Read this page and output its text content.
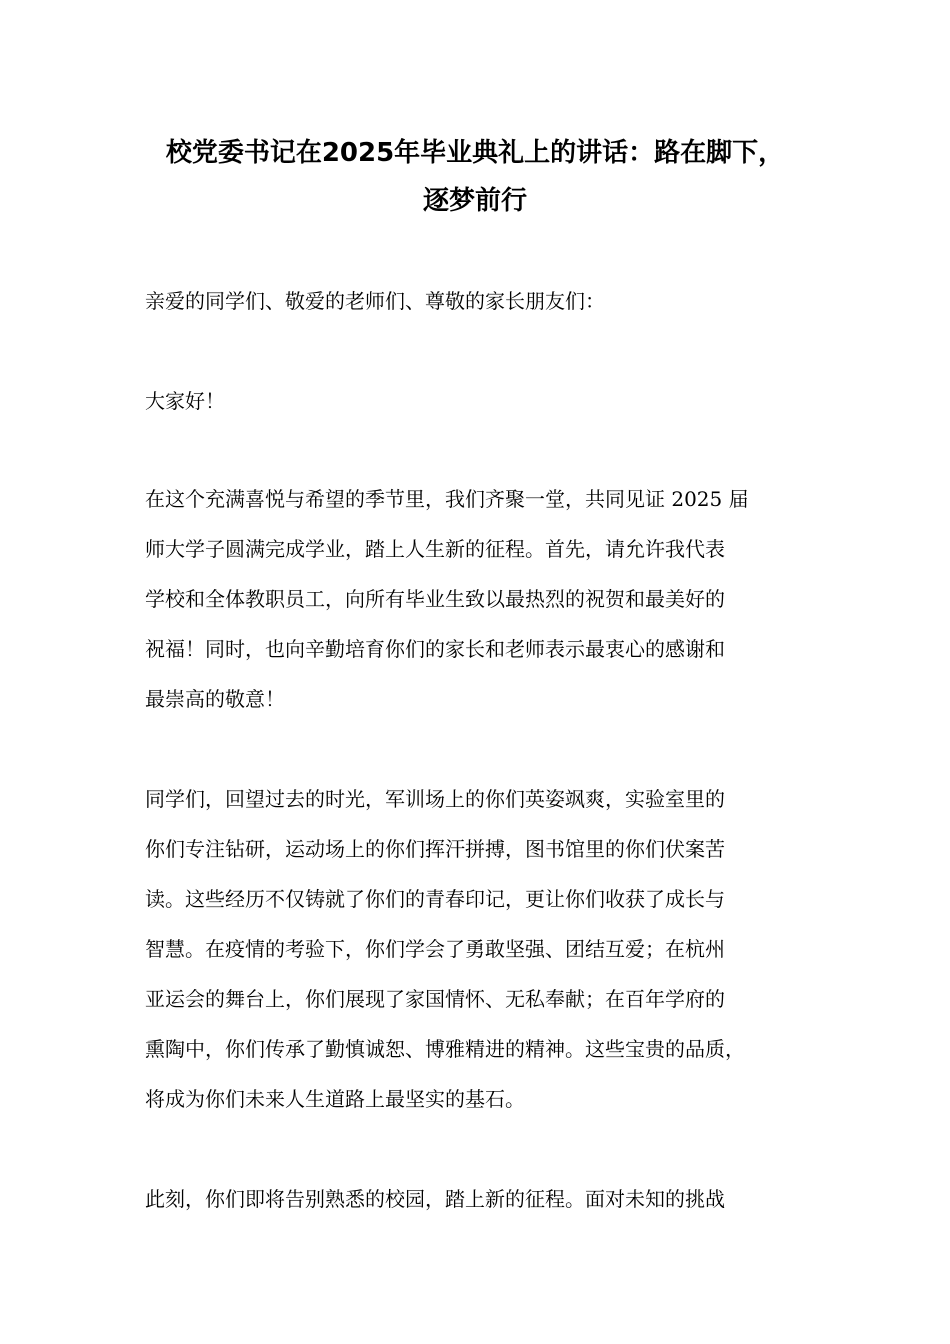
校党委书记在2025年毕业典礼上的讲话：路在脚下，
逐梦前行
亲爱的同学们、敬爱的老师们、尊敬的家长朋友们：
大家好！
在这个充满喜悦与希望的季节里，我们齐聚一堂，共同见证 2025 届
师大学子圆满完成学业，踏上人生新的征程。首先，请允许我代表
学校和全体教职员工，向所有毕业生致以最热烈的祝贺和最美好的
祝福！同时，也向辛勤培育你们的家长和老师表示最衷心的感谢和
最崇高的敬意！
同学们，回望过去的时光，军训场上的你们英姿飒爽，实验室里的
你们专注钻研，运动场上的你们挥汗拼搏，图书馆里的你们伏案苦
读。这些经历不仅铸就了你们的青春印记，更让你们收获了成长与
智慧。在疫情的考验下，你们学会了勇敢坚强、团结互爱；在杭州
亚运会的舞台上，你们展现了家国情怀、无私奉献；在百年学府的
熏陶中，你们传承了勤慎诚恕、博雅精进的精神。这些宝贵的品质，
将成为你们未来人生道路上最坚实的基石。
此刻，你们即将告别熟悉的校园，踏上新的征程。面对未知的挑战
